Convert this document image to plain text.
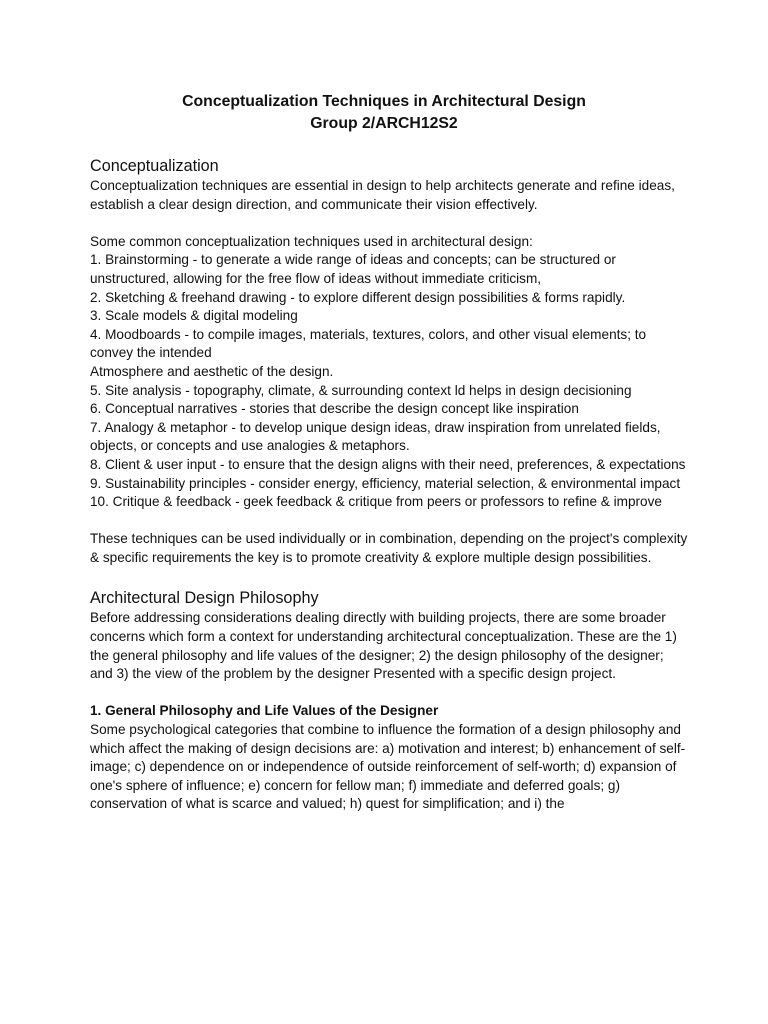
Conceptualization Techniques in Architectural Design

Group 2/ARCH12S2

Conceptualization

Conceptualization techniques are essential in design to help architects generate and refine ideas, establish a clear design direction, and communicate their vision effectively.

Some common conceptualization techniques used in architectural design:

1. Brainstorming - to generate a wide range of ideas and concepts; can be structured or unstructured, allowing for the free flow of ideas without immediate criticism,
2. Sketching & freehand drawing - to explore different design possibilities & forms rapidly.
3. Scale models & digital modeling
4. Moodboards - to compile images, materials, textures, colors, and other visual elements; to convey the intended
Atmosphere and aesthetic of the design.
5. Site analysis - topography, climate, & surrounding context ld helps in design decisioning
6. Conceptual narratives - stories that describe the design concept like inspiration
7. Analogy & metaphor - to develop unique design ideas, draw inspiration from unrelated fields, objects, or concepts and use analogies & metaphors.
8. Client & user input - to ensure that the design aligns with their need, preferences, & expectations
9. Sustainability principles - consider energy, efficiency, material selection, & environmental impact
10. Critique & feedback - geek feedback & critique from peers or professors to refine & improve

These techniques can be used individually or in combination, depending on the project's complexity & specific requirements the key is to promote creativity & explore multiple design possibilities.

Architectural Design Philosophy

Before addressing considerations dealing directly with building projects, there are some broader concerns which form a context for understanding architectural conceptualization. These are the 1) the general philosophy and life values of the designer; 2) the design philosophy of the designer; and 3) the view of the problem by the designer Presented with a specific design project.

1. General Philosophy and Life Values of the Designer

Some psychological categories that combine to influence the formation of a design philosophy and which affect the making of design decisions are: a) motivation and interest; b) enhancement of self-image; c) dependence on or independence of outside reinforcement of self-worth; d) expansion of one's sphere of influence; e) concern for fellow man; f) immediate and deferred goals; g) conservation of what is scarce and valued; h) quest for simplification; and i) the
